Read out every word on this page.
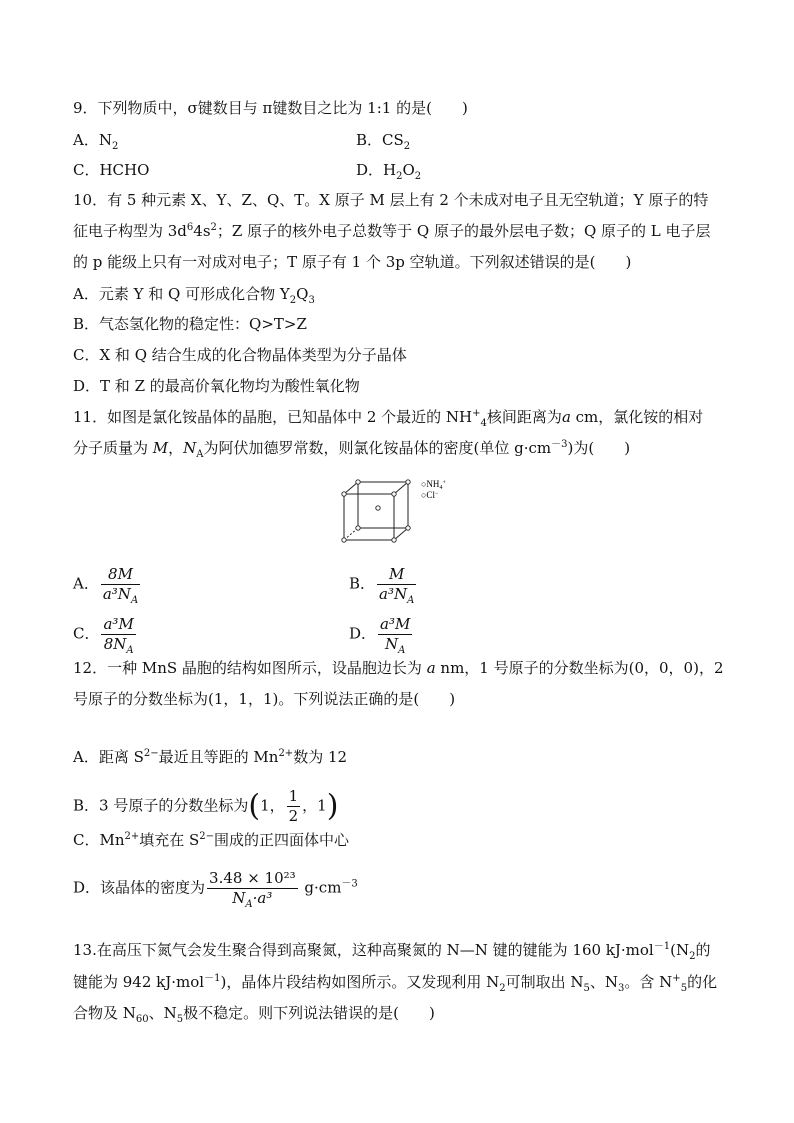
9．下列物质中，σ键数目与 π键数目之比为 1:1 的是(　　)
A．$N_2$	B．$CS_2$
C．HCHO	D．$H_2O_2$
10．有 5 种元素 X、Y、Z、Q、T。X 原子 M 层上有 2 个未成对电子且无空轨道；Y 原子的特
征电子构型为 $3d^64s^2$；Z 原子的核外电子总数等于 Q 原子的最外层电子数；Q 原子的 L 电子层
的 p 能级上只有一对成对电子；T 原子有 1 个 3p 空轨道。下列叙述错误的是(　　)
A．元素 Y 和 Q 可形成化合物 $Y_2Q_3$
B．气态氢化物的稳定性：Q>T>Z
C．X 和 Q 结合生成的化合物晶体类型为分子晶体
D．T 和 Z 的最高价氧化物均为酸性氧化物
11．如图是氯化铵晶体的晶胞，已知晶体中 2 个最近的 $NH^+_4$核间距离为a cm，氯化铵的相对
分子质量为 M，$N_A$为阿伏加德罗常数，则氯化铵晶体的密度(单位 $g\cdot cm^{-3}$)为(　　)
$○NH_4^+$
○Cl−
A． $\frac{8M}{a^3N_A}$	B． $\frac{M}{a^3N_A}$
C． $\frac{\text{a³M}}{8N_A}$	D． $\frac{\text{a³M}}{N_A}$
12．一种 MnS 晶胞的结构如图所示，设晶胞边长为 a nm，1 号原子的分数坐标为(0，0，0)，2
号原子的分数坐标为(1，1，1)。下列说法正确的是(　　)
A．距离 $S^{2-}$最近且等距的 $Mn^{2+}$数为 12
B．3 号原子的分数坐标为(1， $\frac{1}{2}$ ，1)
C．$Mn^{2+}$填充在 $S^{2-}$围成的正四面体中心
D．该晶体的密度为 $\frac{\text{3.48 × 10²³}}{N_A\cdot a^3} g\cdot cm^{-3}$
13.在高压下氮气会发生聚合得到高聚氮，这种高聚氮的 N—N 键的键能为 160 $kJ\cdot mol^{-1}(N_2$的
键能为 942 kJ·mol$^{-1}$)，晶体片段结构如图所示。又发现利用 $N_2$可制取出 $N_5$、$N_3$。含 $N^+_5$的化
合物及 $N_{60}$、$N_5$极不稳定。则下列说法错误的是(　　)
